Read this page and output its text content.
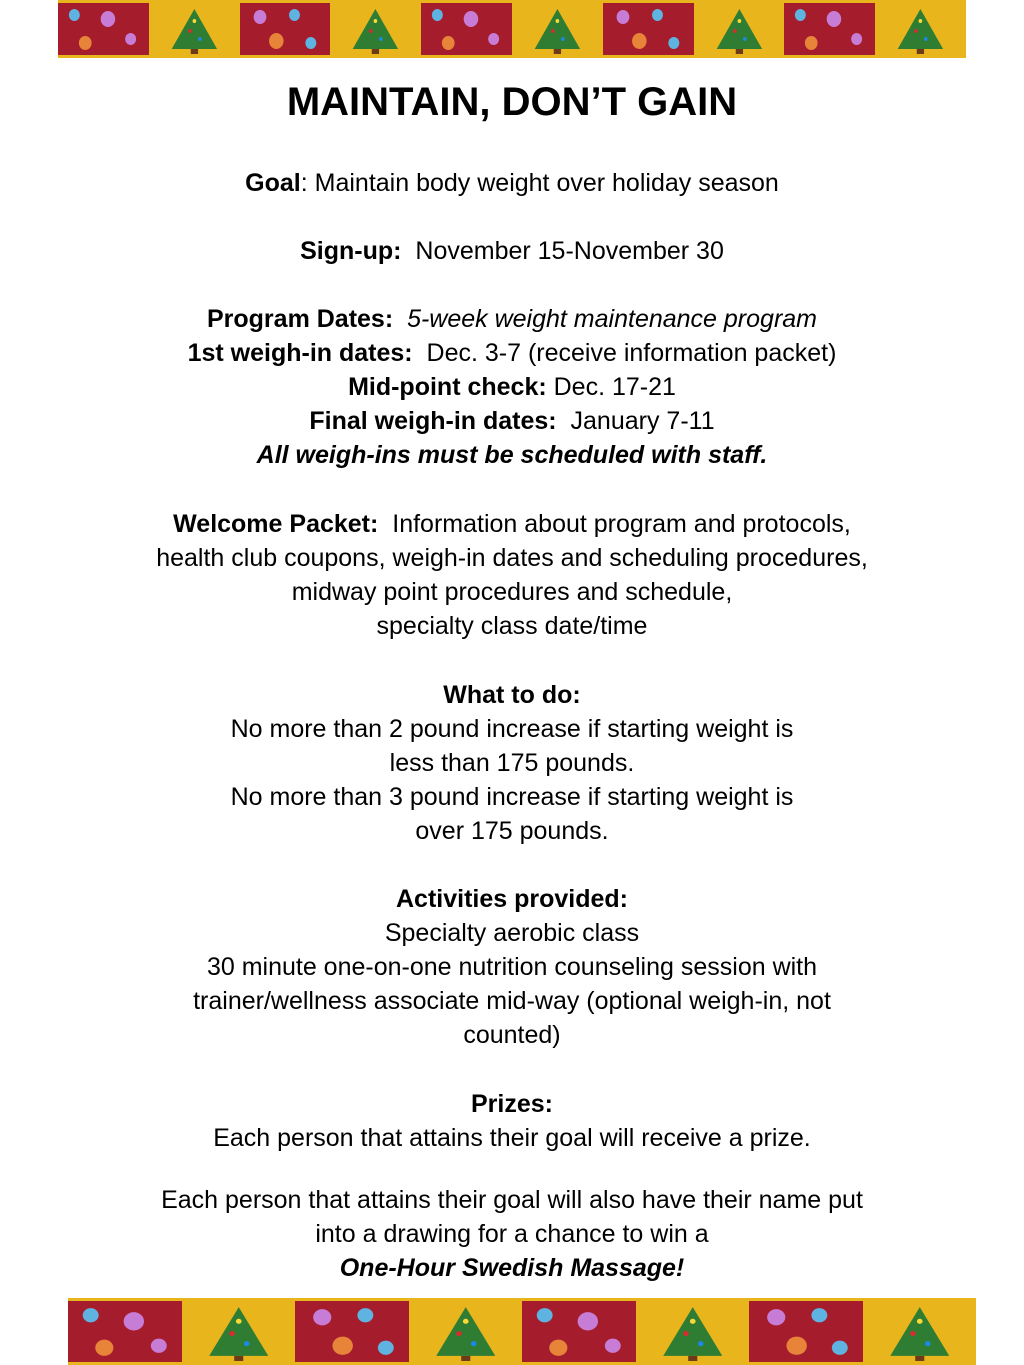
MAINTAIN, DON’T GAIN
Goal: Maintain body weight over holiday season
Sign-up: November 15-November 30
Program Dates: 5-week weight maintenance program
1st weigh-in dates: Dec. 3-7 (receive information packet)
Mid-point check: Dec. 17-21
Final weigh-in dates: January 7-11
All weigh-ins must be scheduled with staff.
Welcome Packet: Information about program and protocols,
health club coupons, weigh-in dates and scheduling procedures,
midway point procedures and schedule,
specialty class date/time
What to do:
No more than 2 pound increase if starting weight is
less than 175 pounds.
No more than 3 pound increase if starting weight is
over 175 pounds.
Activities provided:
Specialty aerobic class
30 minute one-on-one nutrition counseling session with
trainer/wellness associate mid-way (optional weigh-in, not
counted)
Prizes:
Each person that attains their goal will receive a prize.
Each person that attains their goal will also have their name put
into a drawing for a chance to win a
One-Hour Swedish Massage!
